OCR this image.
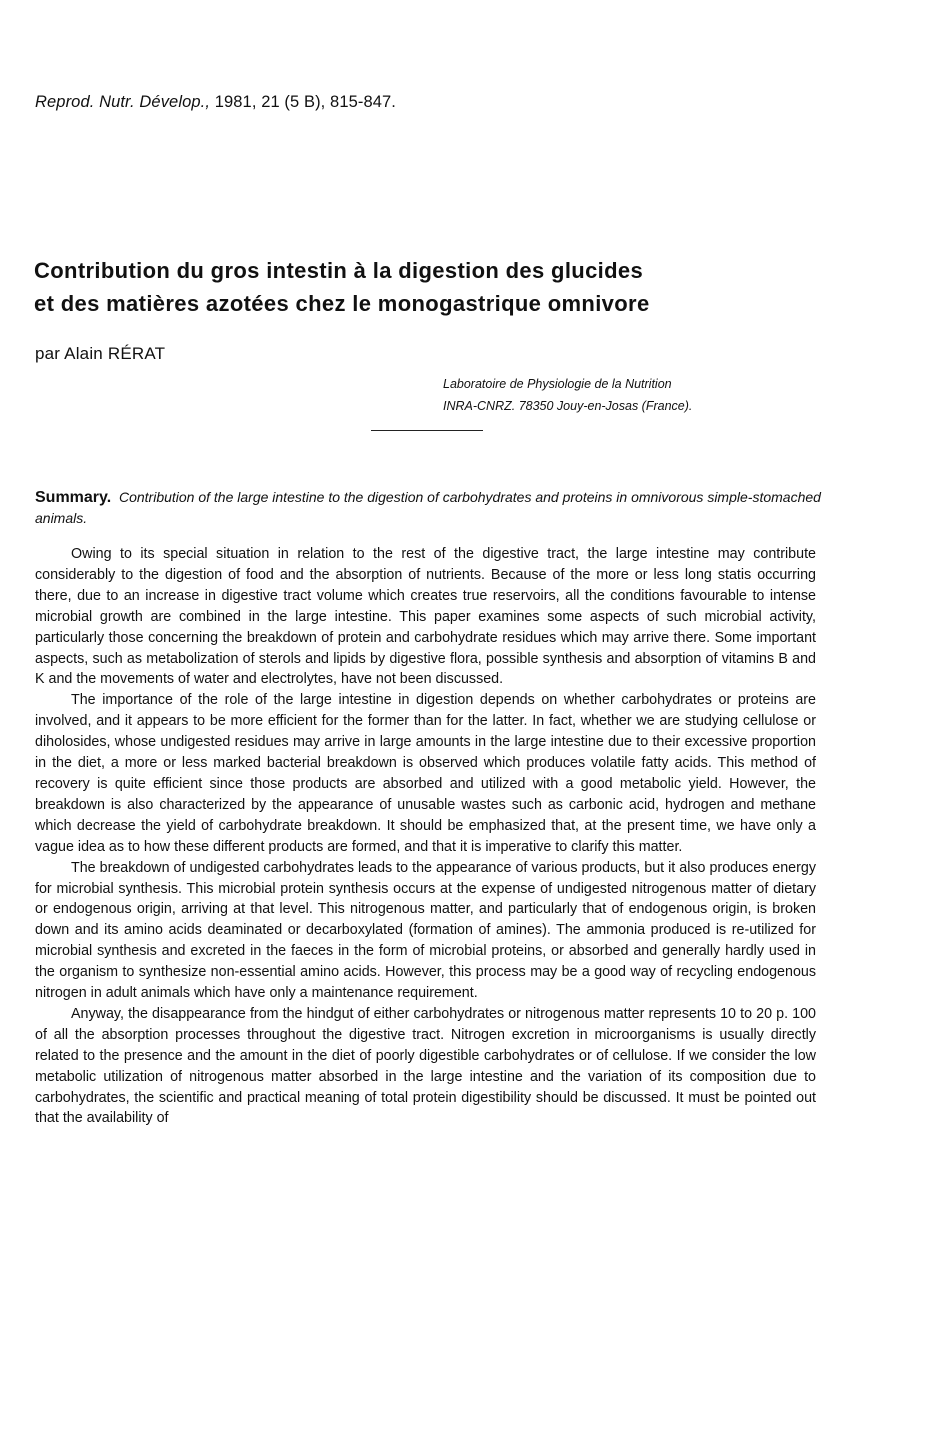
Reprod. Nutr. Dévelop., 1981, 21 (5 B), 815-847.
Contribution du gros intestin à la digestion des glucides
et des matières azotées chez le monogastrique omnivore
par Alain RÉRAT
Laboratoire de Physiologie de la Nutrition
INRA-CNRZ. 78350 Jouy-en-Josas (France).
Summary. Contribution of the large intestine to the digestion of carbohydrates and proteins in omnivorous simple-stomached animals.

Owing to its special situation in relation to the rest of the digestive tract, the large intestine may contribute considerably to the digestion of food and the absorption of nutrients. Because of the more or less long statis occurring there, due to an increase in digestive tract volume which creates true reservoirs, all the conditions favourable to intense microbial growth are combined in the large intestine. This paper examines some aspects of such microbial activity, particularly those concerning the breakdown of protein and carbohydrate residues which may arrive there. Some important aspects, such as metabolization of sterols and lipids by digestive flora, possible synthesis and absorption of vitamins B and K and the movements of water and electrolytes, have not been discussed.

The importance of the role of the large intestine in digestion depends on whether carbohydrates or proteins are involved, and it appears to be more efficient for the former than for the latter. In fact, whether we are studying cellulose or diholosides, whose undigested residues may arrive in large amounts in the large intestine due to their excessive proportion in the diet, a more or less marked bacterial breakdown is observed which produces volatile fatty acids. This method of recovery is quite efficient since those products are absorbed and utilized with a good metabolic yield. However, the breakdown is also characterized by the appearance of unusable wastes such as carbonic acid, hydrogen and methane which decrease the yield of carbohydrate breakdown. It should be emphasized that, at the present time, we have only a vague idea as to how these different products are formed, and that it is imperative to clarify this matter.

The breakdown of undigested carbohydrates leads to the appearance of various products, but it also produces energy for microbial synthesis. This microbial protein synthesis occurs at the expense of undigested nitrogenous matter of dietary or endogenous origin, arriving at that level. This nitrogenous matter, and particularly that of endogenous origin, is broken down and its amino acids deaminated or decarboxylated (formation of amines). The ammonia produced is re-utilized for microbial synthesis and excreted in the faeces in the form of microbial proteins, or absorbed and generally hardly used in the organism to synthesize non-essential amino acids. However, this process may be a good way of recycling endogenous nitrogen in adult animals which have only a maintenance requirement.

Anyway, the disappearance from the hindgut of either carbohydrates or nitrogenous matter represents 10 to 20 p. 100 of all the absorption processes throughout the digestive tract. Nitrogen excretion in microorganisms is usually directly related to the presence and the amount in the diet of poorly digestible carbohydrates or of cellulose. If we consider the low metabolic utilization of nitrogenous matter absorbed in the large intestine and the variation of its composition due to carbohydrates, the scientific and practical meaning of total protein digestibility should be discussed. It must be pointed out that the availability of
